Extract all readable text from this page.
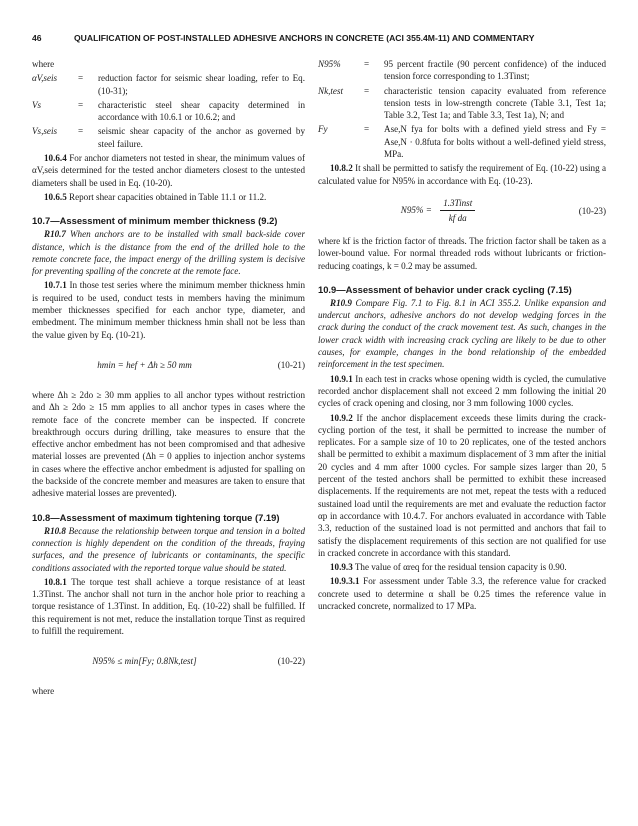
46	QUALIFICATION OF POST-INSTALLED ADHESIVE ANCHORS IN CONCRETE (ACI 355.4M-11) AND COMMENTARY

where

αV,seis	=	reduction factor for seismic shear loading, refer to Eq. (10-31);
Vs	=	characteristic steel shear capacity determined in accordance with 10.6.1 or 10.6.2; and
Vs,seis	=	seismic shear capacity of the anchor as governed by steel failure.

10.6.4 For anchor diameters not tested in shear, the minimum values of αV,seis determined for the tested anchor diameters closest to the untested diameters shall be used in Eq. (10-20).

10.6.5 Report shear capacities obtained in Table 11.1 or 11.2.

10.7—Assessment of minimum member thickness (9.2)

R10.7 When anchors are to be installed with small back-side cover distance, which is the distance from the end of the drilled hole to the remote concrete face, the impact energy of the drilling system is decisive for preventing spalling of the concrete at the remote face.

10.7.1 In those test series where the minimum member thickness hmin is required to be used, conduct tests in members having the minimum member thicknesses specified for each anchor type, diameter, and embedment. The minimum member thickness hmin shall not be less than the value given by Eq. (10-21).

hmin = hef + Δh ≥ 50 mm	(10-21)

where Δh ≥ 2do ≥ 30 mm applies to all anchor types without restriction and Δh ≥ 2do ≥ 15 mm applies to all anchor types in cases where the remote face of the concrete member can be inspected. If concrete breakthrough occurs during drilling, take measures to ensure that the effective anchor embedment has not been compromised and that adhesive material losses are prevented (Δh = 0 applies to injection anchor systems in cases where the effective anchor embedment is adjusted for spalling on the backside of the concrete member and measures are taken to ensure that adhesive material losses are prevented).

10.8—Assessment of maximum tightening torque (7.19)

R10.8 Because the relationship between torque and tension in a bolted connection is highly dependent on the condition of the threads, fraying surfaces, and the presence of lubricants or contaminants, the specific conditions associated with the reported torque value should be stated.

10.8.1 The torque test shall achieve a torque resistance of at least 1.3Tinst. The anchor shall not turn in the anchor hole prior to reaching a torque resistance of 1.3Tinst. In addition, Eq. (10-22) shall be fulfilled. If this requirement is not met, reduce the installation torque Tinst as required to fulfill the requirement.

N95% ≤ min[Fy; 0.8Nk,test]	(10-22)

where

N95%	=	95 percent fractile (90 percent confidence) of the induced tension force corresponding to 1.3Tinst;
Nk,test	=	characteristic tension capacity evaluated from reference tension tests in low-strength concrete (Table 3.1, Test 1a; Table 3.2, Test 1a; and Table 3.3, Test 1a), N; and
Fy	=	Ase,N fya for bolts with a defined yield stress and Fy = Ase,N · 0.8futa for bolts without a well-defined yield stress, MPa.

10.8.2 It shall be permitted to satisfy the requirement of Eq. (10-22) using a calculated value for N95% in accordance with Eq. (10-23).

$N95\% = \frac{\text{1.3Tinst}}{\text{kf da}}$	(10-23)

where kf is the friction factor of threads. The friction factor shall be taken as a lower-bound value. For normal threaded rods without lubricants or friction-reducing coatings, k = 0.2 may be assumed.

10.9—Assessment of behavior under crack cycling (7.15)

R10.9 Compare Fig. 7.1 to Fig. 8.1 in ACI 355.2. Unlike expansion and undercut anchors, adhesive anchors do not develop wedging forces in the crack during the conduct of the crack movement test. As such, changes in the lower crack width with increasing crack cycling are likely to be due to other causes, for example, changes in the bond relationship of the embedded reinforcement in the test specimen.

10.9.1 In each test in cracks whose opening width is cycled, the cumulative recorded anchor displacement shall not exceed 2 mm following the initial 20 cycles of crack opening and closing, nor 3 mm following 1000 cycles.

10.9.2 If the anchor displacement exceeds these limits during the crack-cycling portion of the test, it shall be permitted to increase the number of replicates. For a sample size of 10 to 20 replicates, one of the tested anchors shall be permitted to exhibit a maximum displacement of 3 mm after the initial 20 cycles and 4 mm after 1000 cycles. For sample sizes larger than 20, 5 percent of the tested anchors shall be permitted to exhibit these increased displacements. If the requirements are not met, repeat the tests with a reduced sustained load until the requirements are met and evaluate the reduction factor αp in accordance with 10.4.7. For anchors evaluated in accordance with Table 3.3, reduction of the sustained load is not permitted and anchors that fail to satisfy the displacement requirements of this section are not qualified for use in cracked concrete in accordance with this standard.

10.9.3 The value of αreq for the residual tension capacity is 0.90.

10.9.3.1 For assessment under Table 3.3, the reference value for cracked concrete used to determine α shall be 0.25 times the reference value in uncracked concrete, normalized to 17 MPa.
